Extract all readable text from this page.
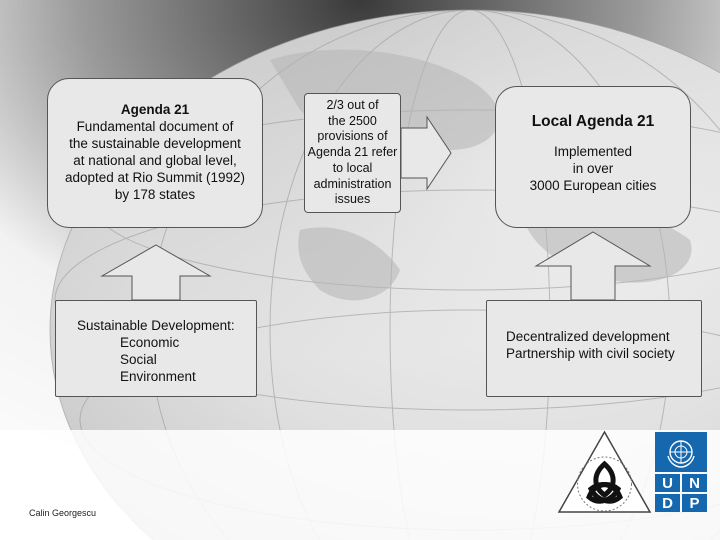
Agenda 21
Fundamental document of
the sustainable development
at national and global level,
adopted at Rio Summit (1992)
by 178 states
2/3 out of
the 2500
provisions of
Agenda 21 refer
to local
administration
issues
Local Agenda 21
Implemented
in over
3000 European cities
Sustainable Development:
Economic
Social
Environment
Decentralized development
Partnership with civil society
Calin Georgescu
U	N
D	P
